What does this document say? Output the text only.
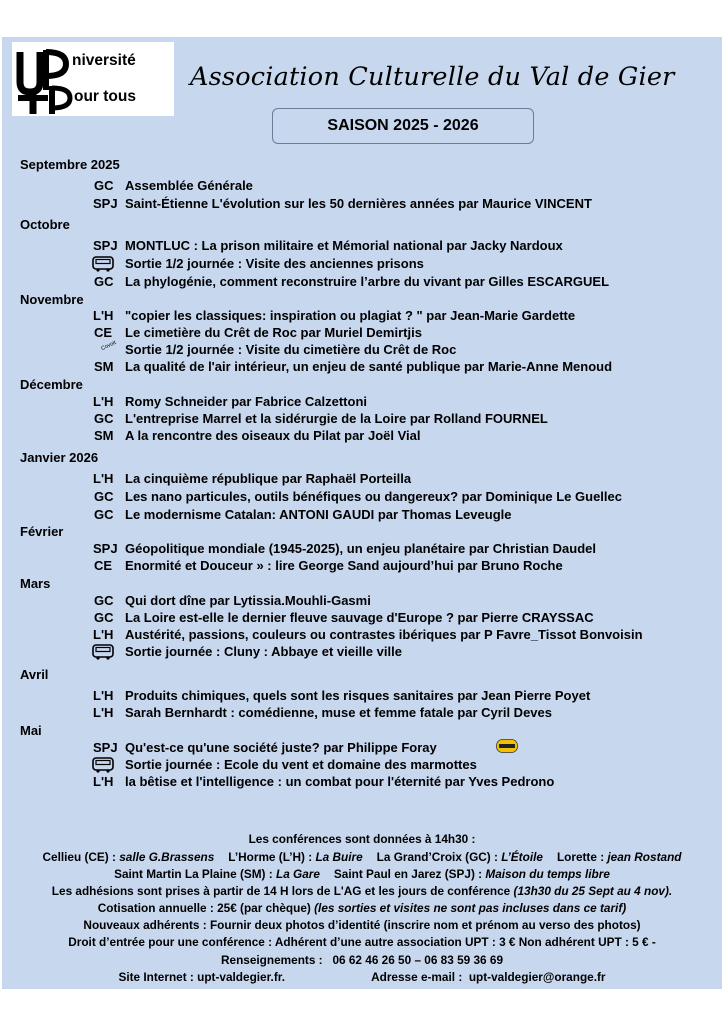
niversité
our tous
Association Culturelle du Val de Gier
SAISON 2025 - 2026
Septembre 2025
GC Assemblée Générale
SPJ Saint-Étienne L'évolution sur les 50 dernières années par Maurice VINCENT
Octobre
SPJ MONTLUC : La prison militaire et Mémorial national par Jacky Nardoux
Sortie 1/2 journée : Visite des anciennes prisons
GC La phylogénie, comment reconstruire l’arbre du vivant par Gilles ESCARGUEL
Novembre
L'H "copier les classiques: inspiration ou plagiat ? " par Jean-Marie Gardette
CE Le cimetière du Crêt de Roc par Muriel Demirtjis
Covoit Sortie 1/2 journée : Visite du cimetière du Crêt de Roc
SM La qualité de l'air intérieur, un enjeu de santé publique par Marie-Anne Menoud
Décembre
L'H Romy Schneider par Fabrice Calzettoni
GC L'entreprise Marrel et la sidérurgie de la Loire par Rolland FOURNEL
SM A la rencontre des oiseaux du Pilat par Joël Vial
Janvier 2026
L'H La cinquième république par Raphaël Porteilla
GC Les nano particules, outils bénéfiques ou dangereux? par Dominique Le Guellec
GC Le modernisme Catalan: ANTONI GAUDI par Thomas Leveugle
Février
SPJ Géopolitique mondiale (1945-2025), un enjeu planétaire par Christian Daudel
CE Enormité et Douceur » : lire George Sand aujourd’hui par Bruno Roche
Mars
GC Qui dort dîne par Lytissia.Mouhli-Gasmi
GC La Loire est-elle le dernier fleuve sauvage d'Europe ? par Pierre CRAYSSAC
L'H Austérité, passions, couleurs ou contrastes ibériques par P Favre_Tissot Bonvoisin
Sortie journée : Cluny : Abbaye et vieille ville
Avril
L'H Produits chimiques, quels sont les risques sanitaires par Jean Pierre Poyet
L'H Sarah Bernhardt : comédienne, muse et femme fatale par Cyril Deves
Mai
SPJ Qu'est-ce qu'une société juste? par Philippe Foray
Sortie journée : Ecole du vent et domaine des marmottes
L'H la bêtise et l'intelligence : un combat pour l'éternité par Yves Pedrono
Les conférences sont données à 14h30 :
Cellieu (CE) : salle G.Brassens L’Horme (L’H) : La Buire La Grand’Croix (GC) : L’Étoile Lorette : jean Rostand
Saint Martin La Plaine (SM) : La Gare Saint Paul en Jarez (SPJ) : Maison du temps libre
Les adhésions sont prises à partir de 14 H lors de L'AG et les jours de conférence (13h30 du 25 Sept au 4 nov).
Cotisation annuelle : 25€ (par chèque) (les sorties et visites ne sont pas incluses dans ce tarif)
Nouveaux adhérents : Fournir deux photos d’identité (inscrire nom et prénom au verso des photos)
Droit d’entrée pour une conférence : Adhérent d’une autre association UPT : 3 € Non adhérent UPT : 5 € -
Renseignements : 06 62 46 26 50 – 06 83 59 36 69
Site Internet : upt-valdegier.fr.	Adresse e-mail : upt-valdegier@orange.fr
